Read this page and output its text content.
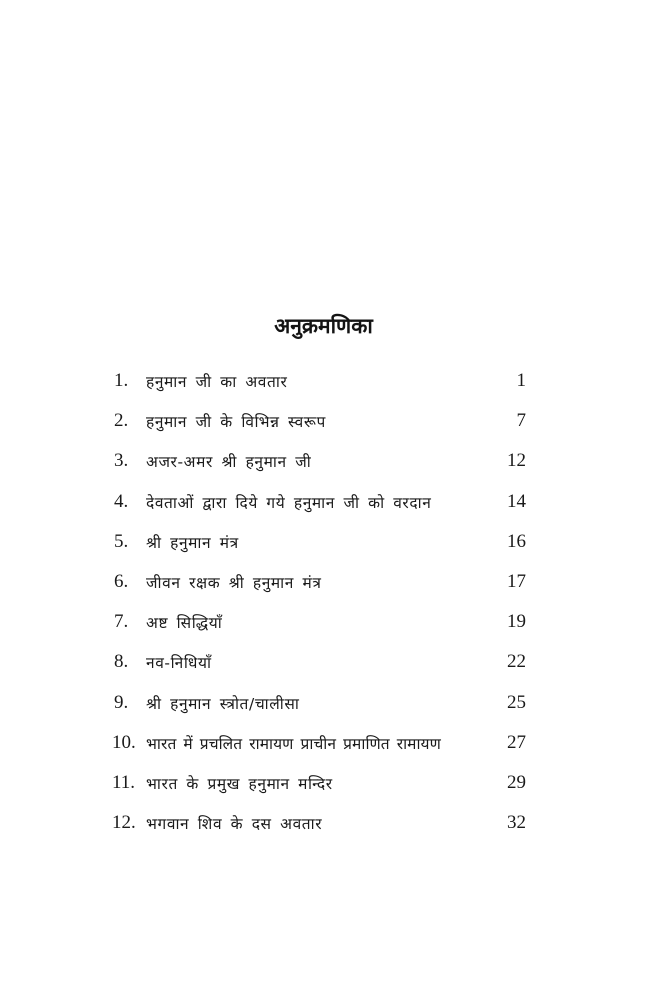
अनुक्रमणिका
1.	हनुमान जी का अवतार	1
2.	हनुमान जी के विभिन्न स्वरूप	7
3.	अजर-अमर श्री हनुमान जी	12
4.	देवताओं द्वारा दिये गये हनुमान जी को वरदान	14
5.	श्री हनुमान मंत्र	16
6.	जीवन रक्षक श्री हनुमान मंत्र	17
7.	अष्ट सिद्धियाँ	19
8.	नव-निधियाँ	22
9.	श्री हनुमान स्त्रोत/चालीसा	25
10. भारत में प्रचलित रामायण प्राचीन प्रमाणित रामायण	27
11. भारत के प्रमुख हनुमान मन्दिर	29
12. भगवान शिव के दस अवतार	32
